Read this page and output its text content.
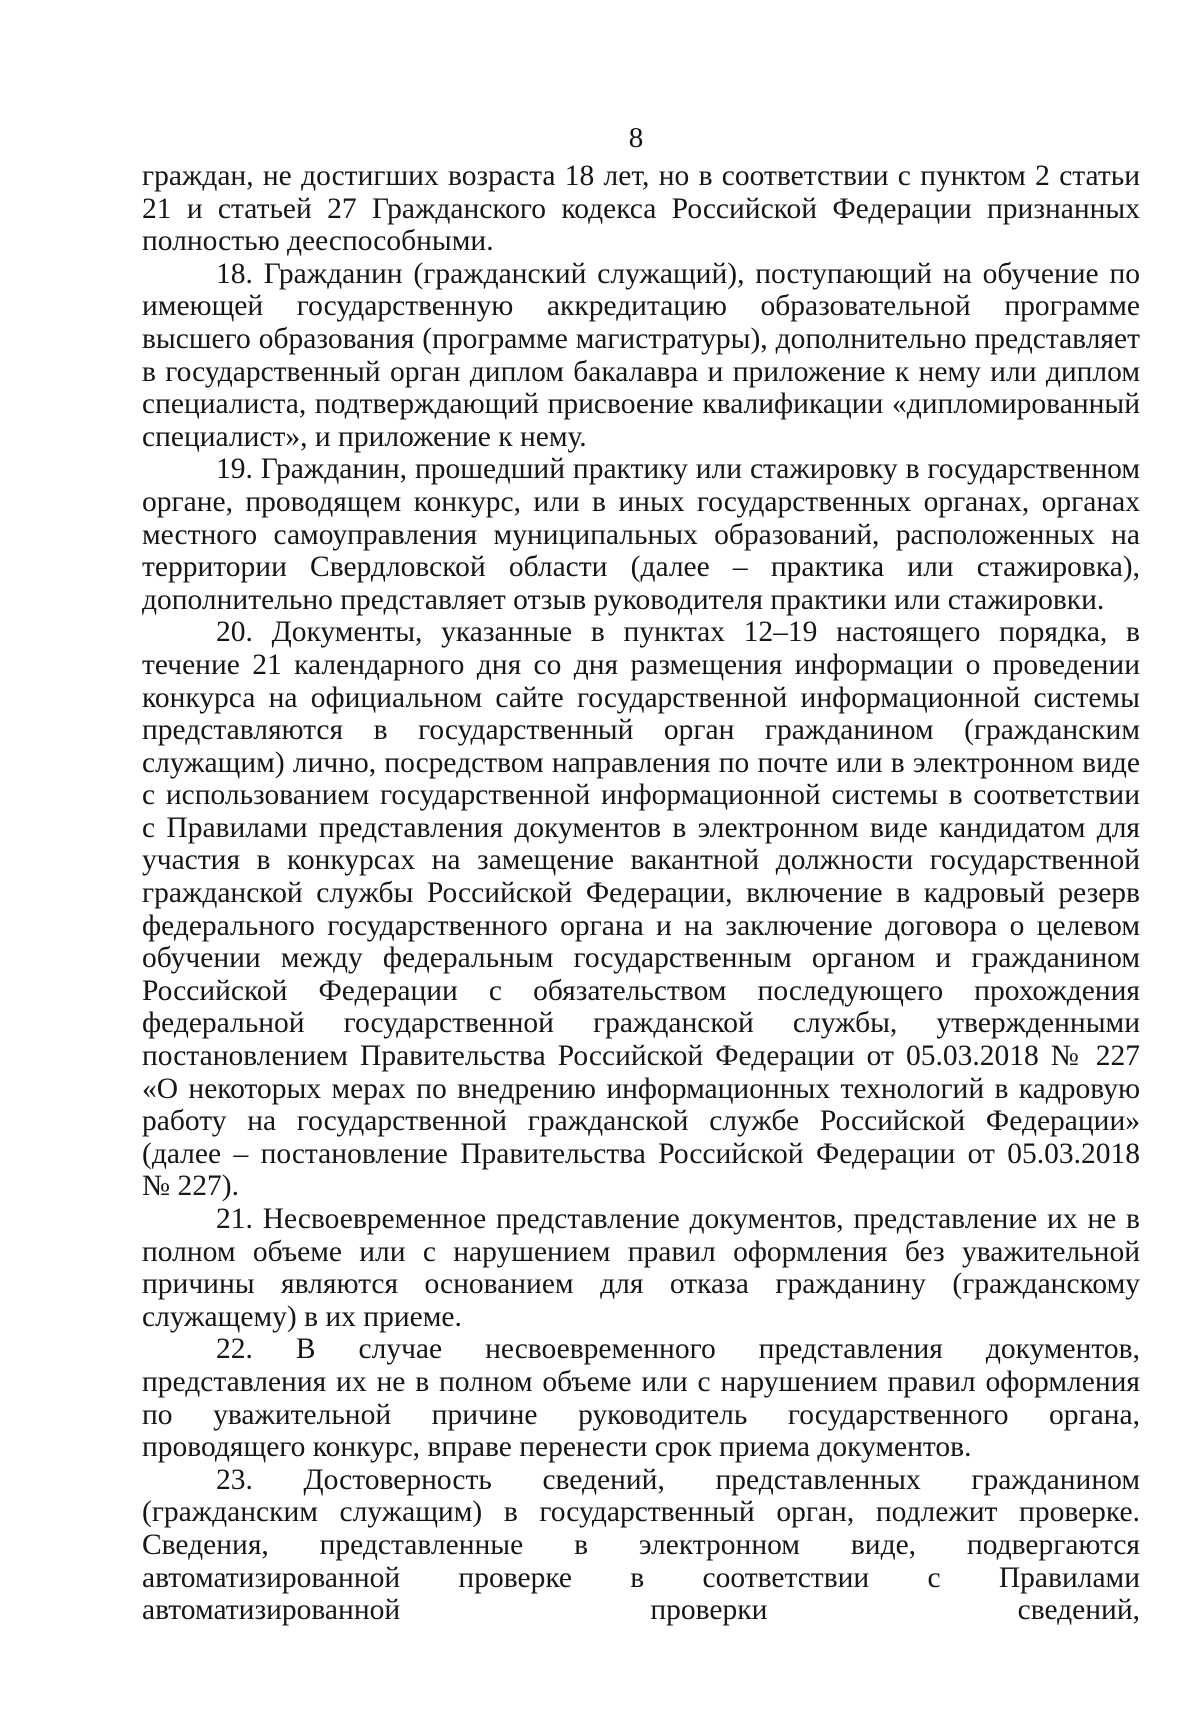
8

граждан, не достигших возраста 18 лет, но в соответствии с пунктом 2 статьи 21 и статьей 27 Гражданского кодекса Российской Федерации признанных полностью дееспособными.

18. Гражданин (гражданский служащий), поступающий на обучение по имеющей государственную аккредитацию образовательной программе высшего образования (программе магистратуры), дополнительно представляет в государственный орган диплом бакалавра и приложение к нему или диплом специалиста, подтверждающий присвоение квалификации «дипломированный специалист», и приложение к нему.

19. Гражданин, прошедший практику или стажировку в государственном органе, проводящем конкурс, или в иных государственных органах, органах местного самоуправления муниципальных образований, расположенных на территории Свердловской области (далее – практика или стажировка), дополнительно представляет отзыв руководителя практики или стажировки.

20. Документы, указанные в пунктах 12–19 настоящего порядка, в течение 21 календарного дня со дня размещения информации о проведении конкурса на официальном сайте государственной информационной системы представляются в государственный орган гражданином (гражданским служащим) лично, посредством направления по почте или в электронном виде с использованием государственной информационной системы в соответствии с Правилами представления документов в электронном виде кандидатом для участия в конкурсах на замещение вакантной должности государственной гражданской службы Российской Федерации, включение в кадровый резерв федерального государственного органа и на заключение договора о целевом обучении между федеральным государственным органом и гражданином Российской Федерации с обязательством последующего прохождения федеральной государственной гражданской службы, утвержденными постановлением Правительства Российской Федерации от 05.03.2018 № 227 «О некоторых мерах по внедрению информационных технологий в кадровую работу на государственной гражданской службе Российской Федерации» (далее – постановление Правительства Российской Федерации от 05.03.2018 № 227).

21. Несвоевременное представление документов, представление их не в полном объеме или с нарушением правил оформления без уважительной причины являются основанием для отказа гражданину (гражданскому служащему) в их приеме.

22. В случае несвоевременного представления документов, представления их не в полном объеме или с нарушением правил оформления по уважительной причине руководитель государственного органа, проводящего конкурс, вправе перенести срок приема документов.

23. Достоверность сведений, представленных гражданином (гражданским служащим) в государственный орган, подлежит проверке. Сведения, представленные в электронном виде, подвергаются автоматизированной проверке в соответствии с Правилами автоматизированной проверки сведений,
